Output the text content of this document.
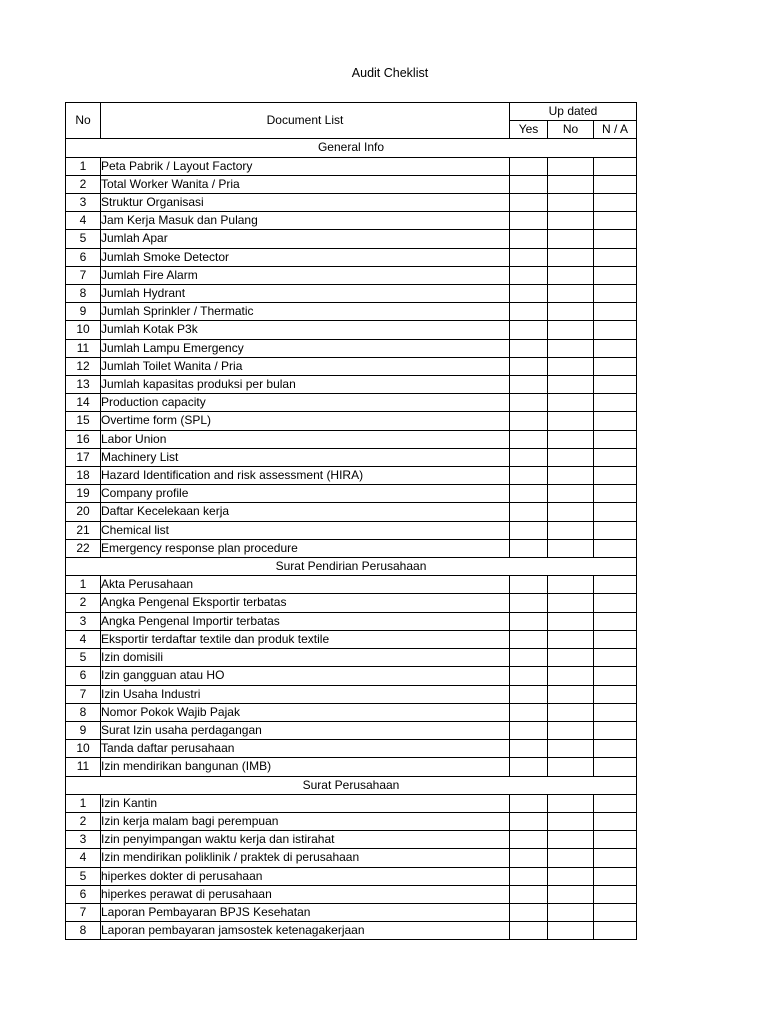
Audit Cheklist
No	Document List	Up dated		
		Yes	No	N / A
General Info				
1	Peta Pabrik / Layout Factory			
2	Total Worker Wanita / Pria			
3	Struktur Organisasi			
4	Jam Kerja Masuk dan Pulang			
5	Jumlah Apar			
6	Jumlah Smoke Detector			
7	Jumlah Fire Alarm			
8	Jumlah Hydrant			
9	Jumlah Sprinkler / Thermatic			
10	Jumlah Kotak P3k			
11	Jumlah Lampu Emergency			
12	Jumlah Toilet Wanita / Pria			
13	Jumlah kapasitas produksi per bulan			
14	Production capacity			
15	Overtime form (SPL)			
16	Labor Union			
17	Machinery List			
18	Hazard Identification and risk assessment (HIRA)			
19	Company profile			
20	Daftar Kecelekaan kerja			
21	Chemical list			
22	Emergency response plan procedure			
Surat Pendirian Perusahaan				
1	Akta Perusahaan			
2	Angka Pengenal Eksportir terbatas			
3	Angka Pengenal Importir terbatas			
4	Eksportir terdaftar textile dan produk textile			
5	Izin domisili			
6	Izin gangguan atau HO			
7	Izin Usaha Industri			
8	Nomor Pokok Wajib Pajak			
9	Surat Izin usaha perdagangan			
10	Tanda daftar perusahaan			
11	Izin mendirikan bangunan (IMB)			
Surat Perusahaan				
1	Izin Kantin			
2	Izin kerja malam bagi perempuan			
3	Izin penyimpangan waktu kerja dan istirahat			
4	Izin mendirikan poliklinik / praktek di perusahaan			
5	hiperkes dokter di perusahaan			
6	hiperkes perawat di perusahaan			
7	Laporan Pembayaran BPJS Kesehatan			
8	Laporan pembayaran jamsostek ketenagakerjaan			
